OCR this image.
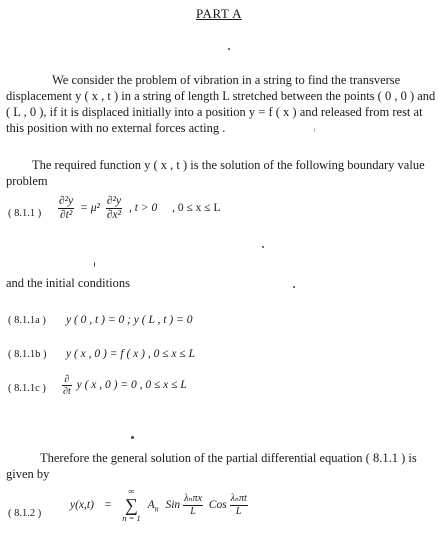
PART A
We consider the problem of vibration in a string to find the transverse
displacement y ( x , t ) in a string of length L stretched between the points ( 0 , 0 ) and
( L , 0 ), if it is displaced initially into a position y = f ( x ) and released from rest at
this position with no external forces acting .
The required function y ( x , t ) is the solution of the following boundary value
problem
( 8.1.1 ) $\frac{\text{∂²y}}{\text{∂t²}} = \mu^2 \frac{\text{∂²y}}{\text{∂x²}}$ , t > 0 , 0 ≤ x ≤ L
and the initial conditions
( 8.1.1a ) y ( 0 , t ) = 0 ; y ( L , t ) = 0
( 8.1.1b ) y ( x , 0 ) = f ( x ) , 0 ≤ x ≤ L
( 8.1.1c ) $\frac{\partial}{\partial t}$ y ( x , 0 ) = 0 , 0 ≤ x ≤ L
Therefore the general solution of the partial differential equation ( 8.1.1 ) is
given by
( 8.1.2 )
y(x,t) =
∞
∑
n = 1
$A_n$ Sin $\frac{\text{λₙπx}}{L}$ Cos $\frac{\text{λₙπt}}{L}$
